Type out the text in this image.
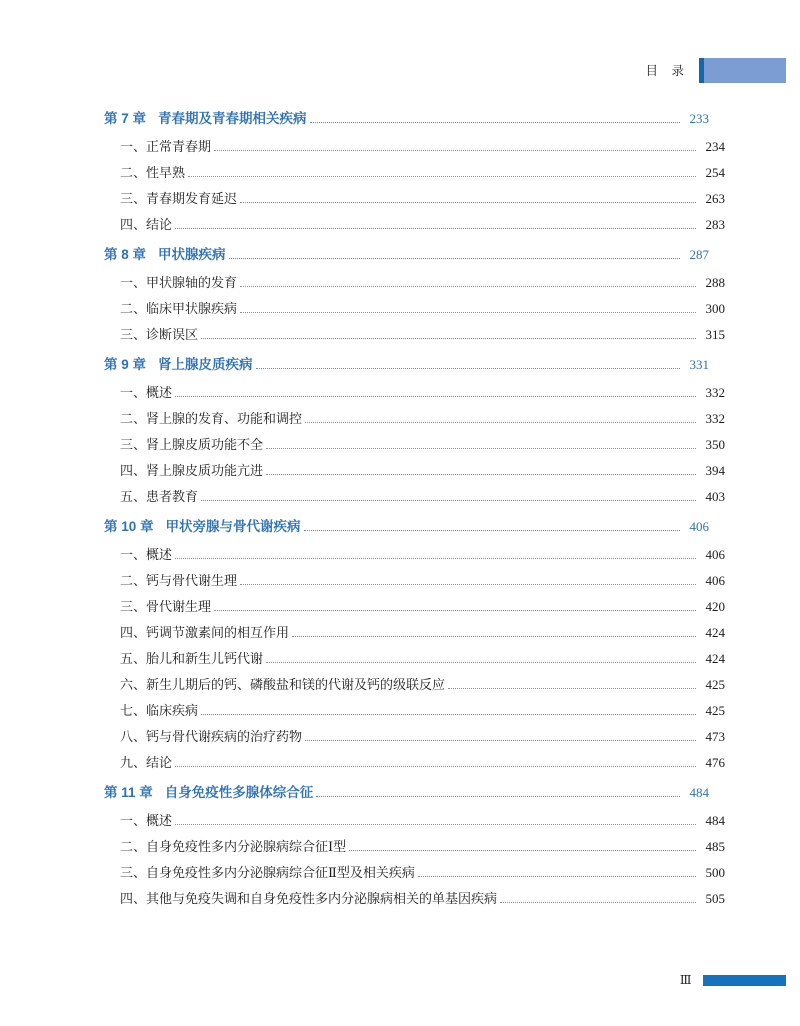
目 录
第 7 章 青春期及青春期相关疾病	233
一、正常青春期	234
二、性早熟	254
三、青春期发育延迟	263
四、结论	283
第 8 章 甲状腺疾病	287
一、甲状腺轴的发育	288
二、临床甲状腺疾病	300
三、诊断误区	315
第 9 章 肾上腺皮质疾病	331
一、概述	332
二、肾上腺的发育、功能和调控	332
三、肾上腺皮质功能不全	350
四、肾上腺皮质功能亢进	394
五、患者教育	403
第 10 章 甲状旁腺与骨代谢疾病	406
一、概述	406
二、钙与骨代谢生理	406
三、骨代谢生理	420
四、钙调节激素间的相互作用	424
五、胎儿和新生儿钙代谢	424
六、新生儿期后的钙、磷酸盐和镁的代谢及钙的级联反应	425
七、临床疾病	425
八、钙与骨代谢疾病的治疗药物	473
九、结论	476
第 11 章 自身免疫性多腺体综合征	484
一、概述	484
二、自身免疫性多内分泌腺病综合征Ⅰ型	485
三、自身免疫性多内分泌腺病综合征Ⅱ型及相关疾病	500
四、其他与免疫失调和自身免疫性多内分泌腺病相关的单基因疾病	505
Ⅲ
